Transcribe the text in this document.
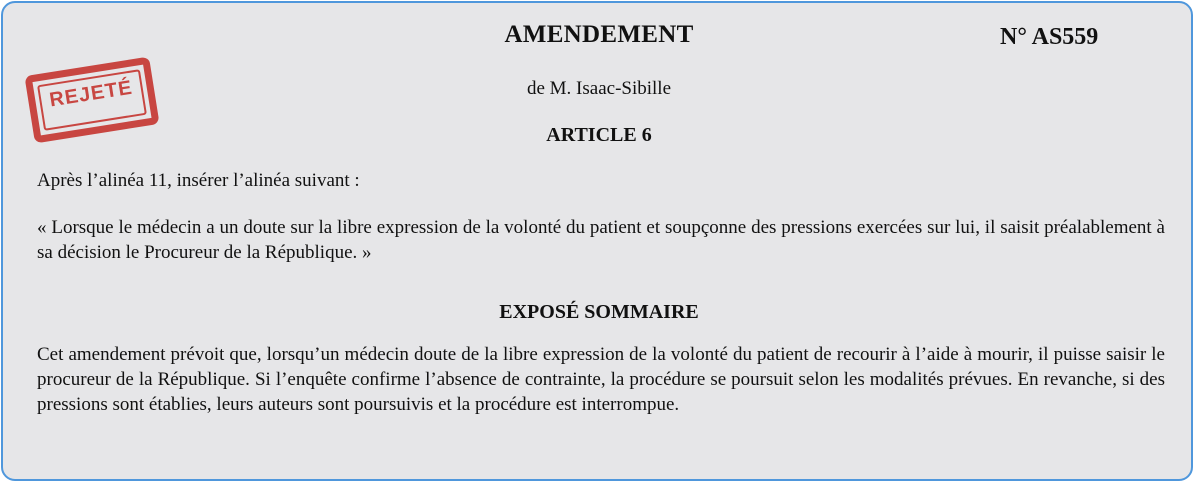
AMENDEMENT	N° AS559
REJETÉ	de M. Isaac-Sibille
ARTICLE 6
Après l’alinéa 11, insérer l’alinéa suivant :
« Lorsque le médecin a un doute sur la libre expression de la volonté du patient et soupçonne des pressions exercées sur lui, il saisit préalablement à sa décision le Procureur de la République. »
EXPOSÉ SOMMAIRE
Cet amendement prévoit que, lorsqu’un médecin doute de la libre expression de la volonté du patient de recourir à l’aide à mourir, il puisse saisir le procureur de la République. Si l’enquête confirme l’absence de contrainte, la procédure se poursuit selon les modalités prévues. En revanche, si des pressions sont établies, leurs auteurs sont poursuivis et la procédure est interrompue.
